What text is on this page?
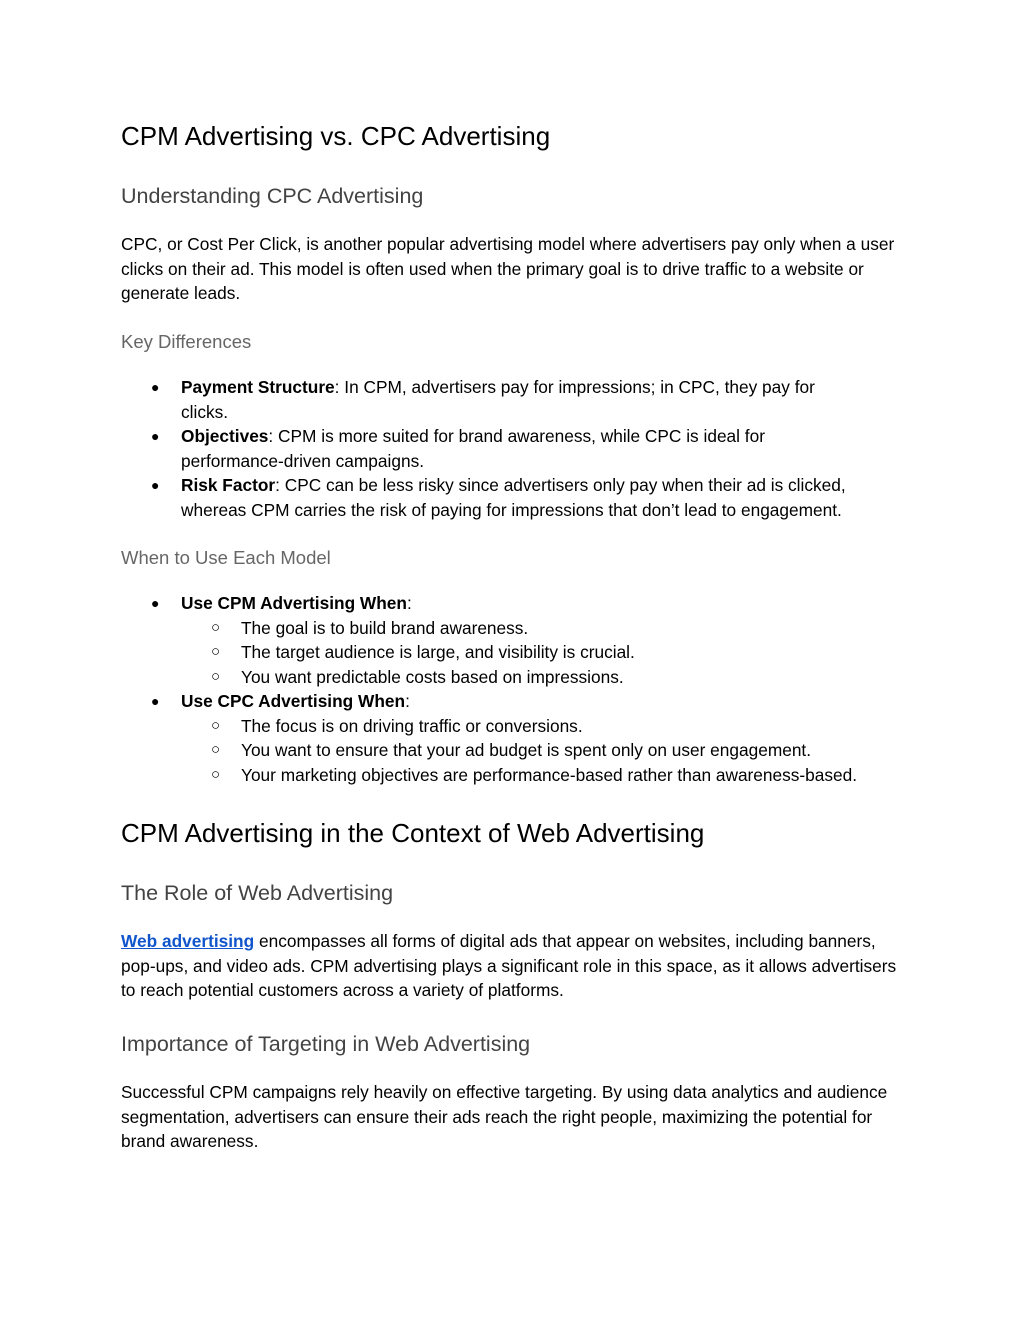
CPM Advertising vs. CPC Advertising
Understanding CPC Advertising

CPC, or Cost Per Click, is another popular advertising model where advertisers pay only when a user clicks on their ad. This model is often used when the primary goal is to drive traffic to a website or generate leads.

Key Differences
● Payment Structure: In CPM, advertisers pay for impressions; in CPC, they pay for
clicks.
● Objectives: CPM is more suited for brand awareness, while CPC is ideal for
performance-driven campaigns.
● Risk Factor: CPC can be less risky since advertisers only pay when their ad is clicked,
whereas CPM carries the risk of paying for impressions that don’t lead to engagement.
When to Use Each Model
● Use CPM Advertising When:
○ The goal is to build brand awareness.
○ The target audience is large, and visibility is crucial.
○ You want predictable costs based on impressions.
● Use CPC Advertising When:
○ The focus is on driving traffic or conversions.
○ You want to ensure that your ad budget is spent only on user engagement.
○ Your marketing objectives are performance-based rather than awareness-based.
CPM Advertising in the Context of Web Advertising
The Role of Web Advertising

Web advertising encompasses all forms of digital ads that appear on websites, including banners, pop-ups, and video ads. CPM advertising plays a significant role in this space, as it allows advertisers to reach potential customers across a variety of platforms.

Importance of Targeting in Web Advertising

Successful CPM campaigns rely heavily on effective targeting. By using data analytics and audience segmentation, advertisers can ensure their ads reach the right people, maximizing the potential for brand awareness.
